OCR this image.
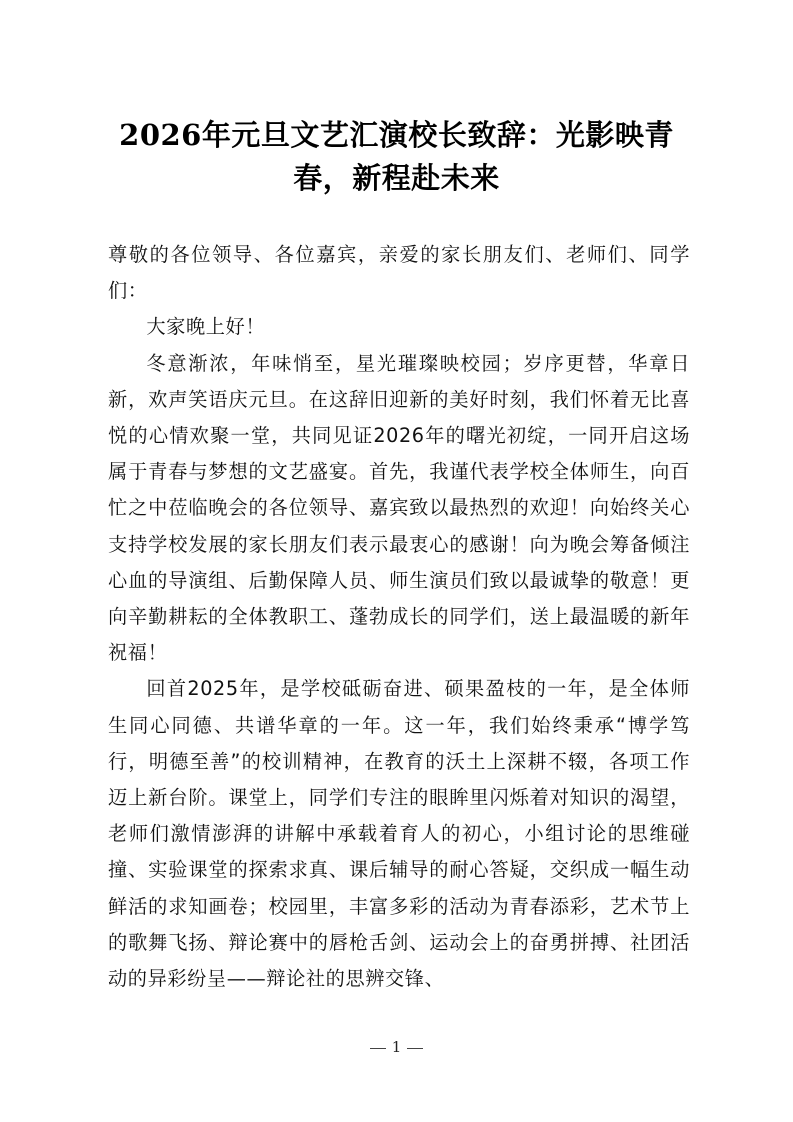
2026年元旦文艺汇演校长致辞：光影映青春，新程赴未来

尊敬的各位领导、各位嘉宾，亲爱的家长朋友们、老师们、同学们：

大家晚上好！

冬意渐浓，年味悄至，星光璀璨映校园；岁序更替，华章日新，欢声笑语庆元旦。在这辞旧迎新的美好时刻，我们怀着无比喜悦的心情欢聚一堂，共同见证2026年的曙光初绽，一同开启这场属于青春与梦想的文艺盛宴。首先，我谨代表学校全体师生，向百忙之中莅临晚会的各位领导、嘉宾致以最热烈的欢迎！向始终关心支持学校发展的家长朋友们表示最衷心的感谢！向为晚会筹备倾注心血的导演组、后勤保障人员、师生演员们致以最诚挚的敬意！更向辛勤耕耘的全体教职工、蓬勃成长的同学们，送上最温暖的新年祝福！

回首2025年，是学校砥砺奋进、硕果盈枝的一年，是全体师生同心同德、共谱华章的一年。这一年，我们始终秉承“博学笃行，明德至善”的校训精神，在教育的沃土上深耕不辍，各项工作迈上新台阶。课堂上，同学们专注的眼眸里闪烁着对知识的渴望，老师们激情澎湃的讲解中承载着育人的初心，小组讨论的思维碰撞、实验课堂的探索求真、课后辅导的耐心答疑，交织成一幅生动鲜活的求知画卷；校园里，丰富多彩的活动为青春添彩，艺术节上的歌舞飞扬、辩论赛中的唇枪舌剑、运动会上的奋勇拼搏、社团活动的异彩纷呈——辩论社的思辨交锋、

1
